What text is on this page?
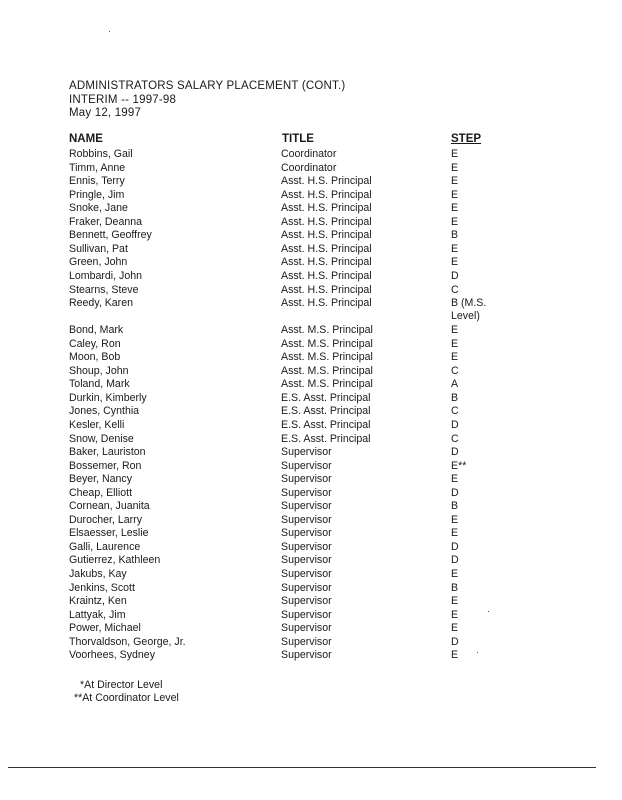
ADMINISTRATORS SALARY PLACEMENT (CONT.)
INTERIM -- 1997-98
May 12, 1997
NAME	TITLE	STEP
Robbins, Gail	Coordinator	E
Timm, Anne	Coordinator	E
Ennis, Terry	Asst. H.S. Principal	E
Pringle, Jim	Asst. H.S. Principal	E
Snoke, Jane	Asst. H.S. Principal	E
Fraker, Deanna	Asst. H.S. Principal	E
Bennett, Geoffrey	Asst. H.S. Principal	B
Sullivan, Pat	Asst. H.S. Principal	E
Green, John	Asst. H.S. Principal	E
Lombardi, John	Asst. H.S. Principal	D
Stearns, Steve	Asst. H.S. Principal	C
Reedy, Karen	Asst. H.S. Principal	B (M.S.
Level)
Bond, Mark	Asst. M.S. Principal	E
Caley, Ron	Asst. M.S. Principal	E
Moon, Bob	Asst. M.S. Principal	E
Shoup, John	Asst. M.S. Principal	C
Toland, Mark	Asst. M.S. Principal	A
Durkin, Kimberly	E.S. Asst. Principal	B
Jones, Cynthia	E.S. Asst. Principal	C
Kesler, Kelli	E.S. Asst. Principal	D
Snow, Denise	E.S. Asst. Principal	C
Baker, Lauriston	Supervisor	D
Bossemer, Ron	Supervisor	E**
Beyer, Nancy	Supervisor	E
Cheap, Elliott	Supervisor	D
Cornean, Juanita	Supervisor	B
Durocher, Larry	Supervisor	E
Elsaesser, Leslie	Supervisor	E
Galli, Laurence	Supervisor	D
Gutierrez, Kathleen	Supervisor	D
Jakubs, Kay	Supervisor	E
Jenkins, Scott	Supervisor	B
Kraintz, Ken	Supervisor	E
Lattyak, Jim	Supervisor	E
Power, Michael	Supervisor	E
Thorvaldson, George, Jr.	Supervisor	D
Voorhees, Sydney	Supervisor	E
*At Director Level
**At Coordinator Level
